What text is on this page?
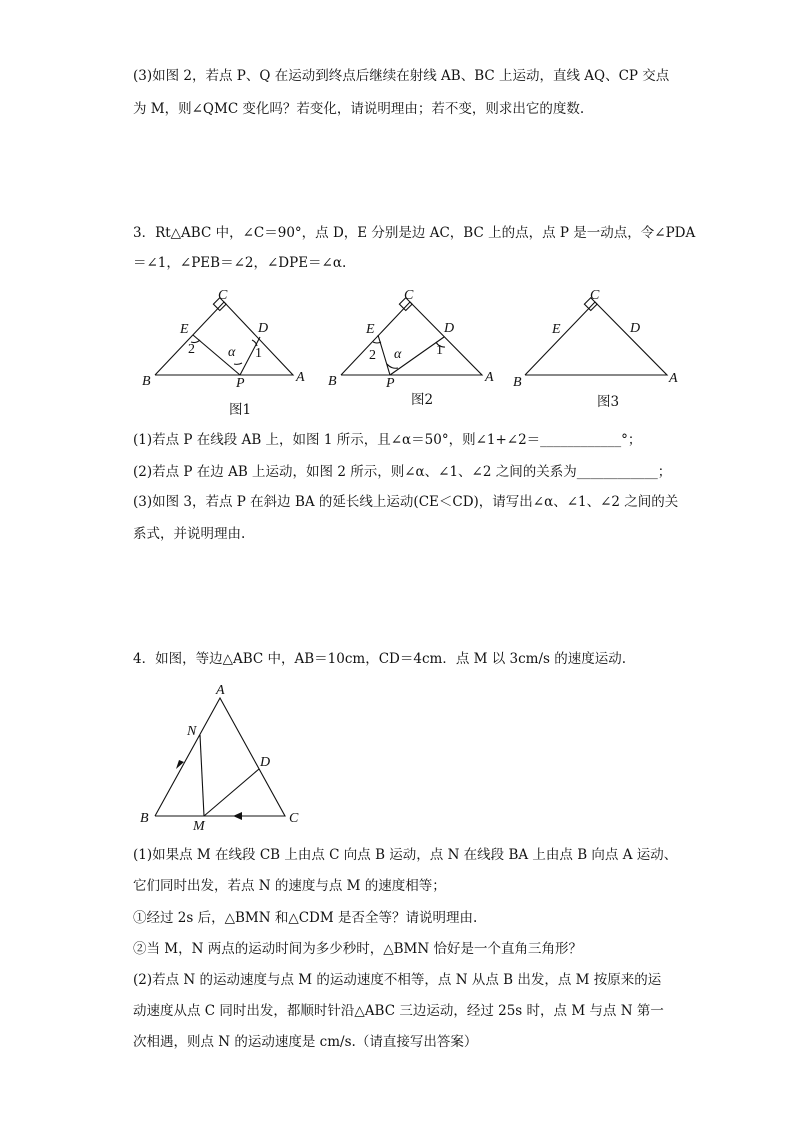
(3)如图 2，若点 P、Q 在运动到终点后继续在射线 AB、BC 上运动，直线 AQ、CP 交点
为 M，则∠QMC 变化吗？若变化，请说明理由；若不变，则求出它的度数.
3．Rt△ABC 中，∠C＝90°，点 D，E 分别是边 AC，BC 上的点，点 P 是一动点，令∠PDA
＝∠1，∠PEB＝∠2，∠DPE＝∠α.
C
E	D
B	P	A
2	1
α
图1
C
E	D
B	P	A
2	1
α
图2
C
E	D
B	A
图3
(1)若点 P 在线段 AB 上，如图 1 所示，且∠α＝50°，则∠1+∠2＝____________°；
(2)若点 P 在边 AB 上运动，如图 2 所示，则∠α、∠1、∠2 之间的关系为____________；
(3)如图 3，若点 P 在斜边 BA 的延长线上运动(CE＜CD)，请写出∠α、∠1、∠2 之间的关
系式，并说明理由.
4．如图，等边△ABC 中，AB＝10cm，CD＝4cm．点 M 以 3cm/s 的速度运动.
A
N
D
B
M
C
(1)如果点 M 在线段 CB 上由点 C 向点 B 运动，点 N 在线段 BA 上由点 B 向点 A 运动、
它们同时出发，若点 N 的速度与点 M 的速度相等；
①经过 2s 后，△BMN 和△CDM 是否全等？请说明理由.
②当 M，N 两点的运动时间为多少秒时，△BMN 恰好是一个直角三角形？
(2)若点 N 的运动速度与点 M 的运动速度不相等，点 N 从点 B 出发，点 M 按原来的运
动速度从点 C 同时出发，都顺时针沿△ABC 三边运动，经过 25s 时，点 M 与点 N 第一
次相遇，则点 N 的运动速度是 cm/s.（请直接写出答案）
